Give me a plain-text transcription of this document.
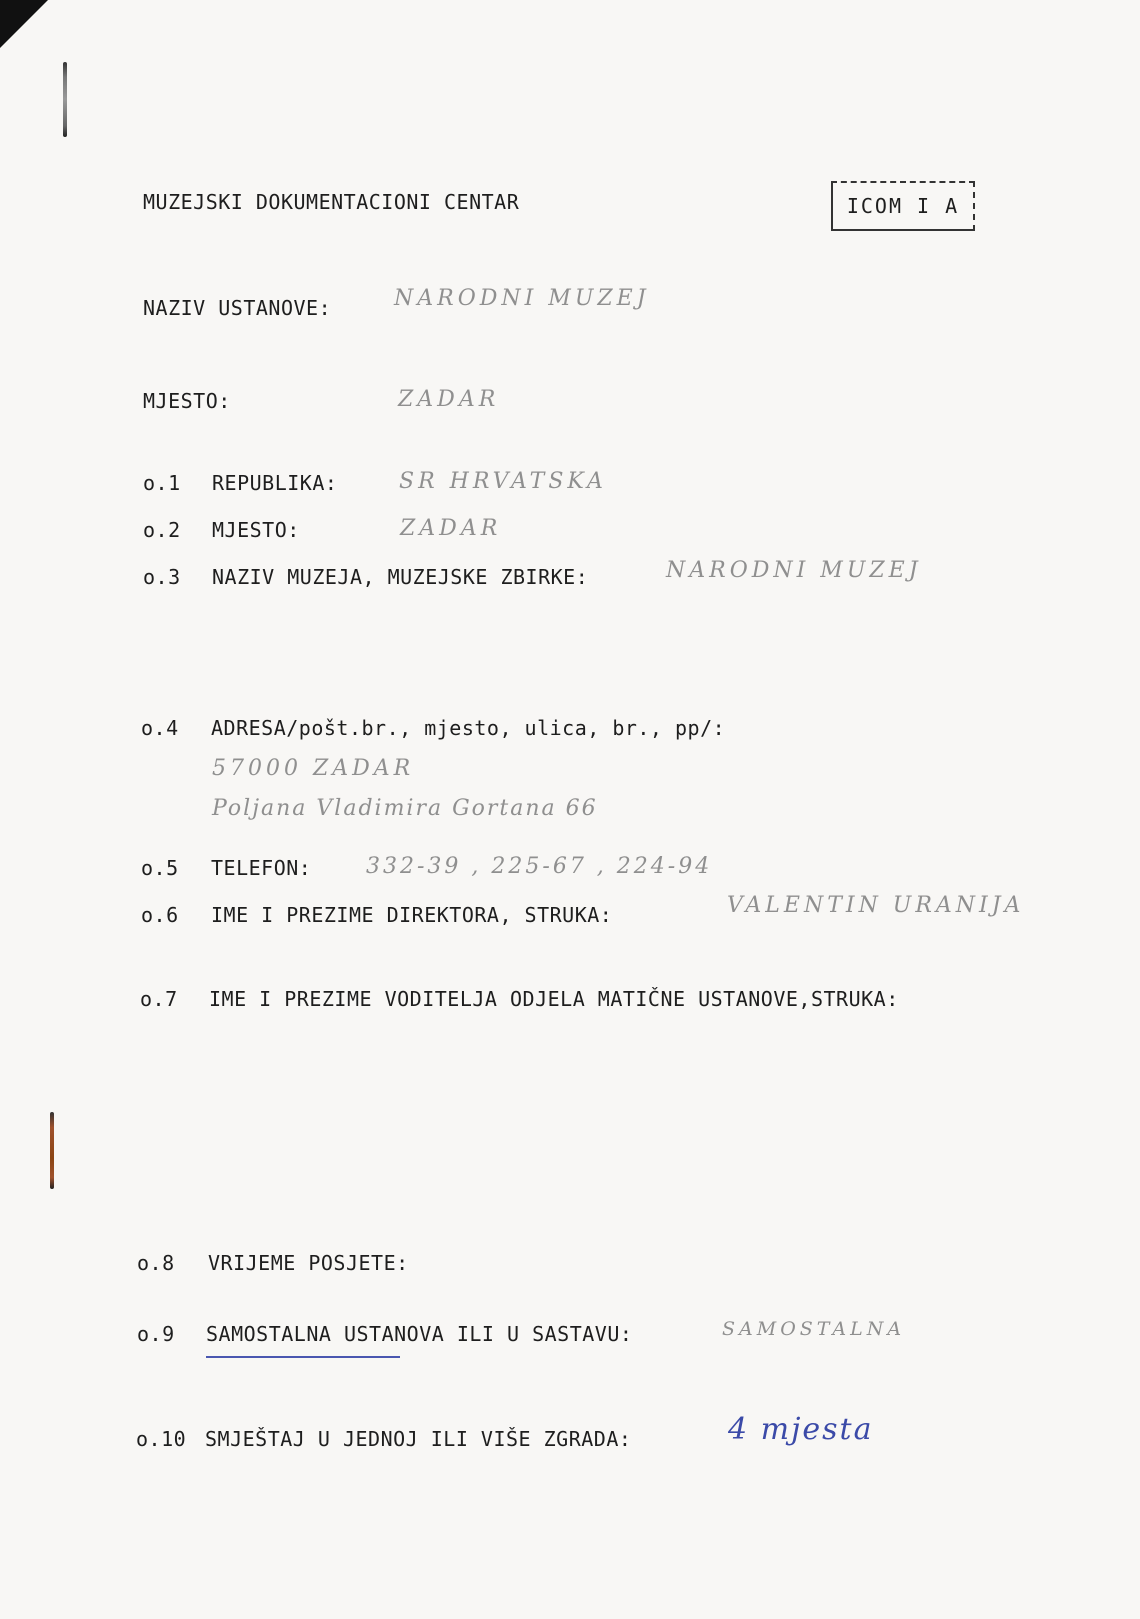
MUZEJSKI DOKUMENTACIONI CENTAR	ICOM I A
NAZIV USTANOVE:	NARODNI MUZEJ
MJESTO:	ZADAR
o.1 REPUBLIKA:	SR HRVATSKA
o.2 MJESTO:	ZADAR
o.3 NAZIV MUZEJA, MUZEJSKE ZBIRKE:	NARODNI MUZEJ
o.4 ADRESA/pošt.br., mjesto, ulica, br., pp/:
57000 ZADAR
Poljana Vladimira Gortana 66
o.5 TELEFON: 332-39 , 225-67 , 224-94
o.6 IME I PREZIME DIREKTORA, STRUKA:	VALENTIN URANIJA
o.7 IME I PREZIME VODITELJA ODJELA MATIČNE USTANOVE,STRUKA:
o.8 VRIJEME POSJETE:
o.9 SAMOSTALNA USTANOVA ILI U SASTAVU:	SAMOSTALNA
o.10 SMJEŠTAJ U JEDNOJ ILI VIŠE ZGRADA:	4 mjesta
